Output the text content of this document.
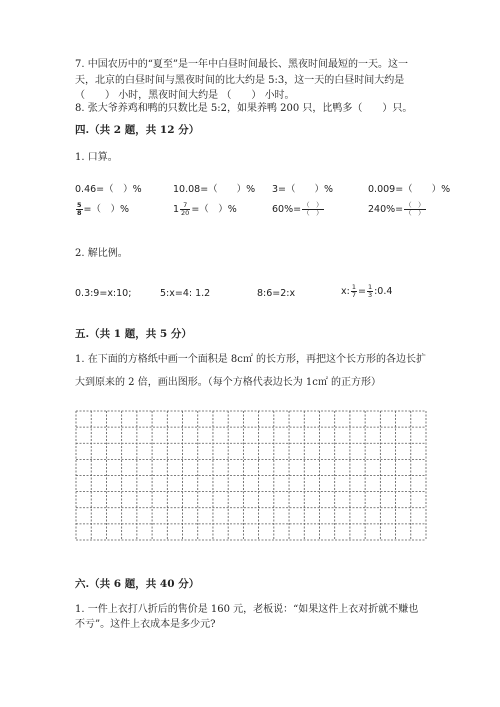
7. 中国农历中的“夏至”是一年中白昼时间最长、黑夜时间最短的一天。这一
天，北京的白昼时间与黑夜时间的比大约是 5:3，这一天的白昼时间大约是
（　　） 小时，黑夜时间大约是 （　　） 小时。
8. 张大爷养鸡和鸭的只数比是 5:2，如果养鸭 200 只，比鸭多（　　）只。
四.（共 2 题，共 12 分）
1. 口算。
0.46=（　）%	10.08=（　　）% 3=（　　）%	0.009=（　　）%
$\frac{5}{8}$ =（　）%	$1 \frac{7}{20}$ =（　）%	$60\%= \frac{( )}{( )}$	$240\%= \frac{( )}{( )}$
2. 解比例。
0.3:9=x:10;	5:x=4: 1.2	8:6=2:x	x: $\frac{1}{7} = \frac{1}{3}$ :0.4
五.（共 1 题，共 5 分）
1. 在下面的方格纸中画一个面积是 8c㎡ 的长方形，再把这个长方形的各边长扩
大到原来的 2 倍，画出图形。（每个方格代表边长为 1c㎡ 的正方形）
六.（共 6 题，共 40 分）
1. 一件上衣打八折后的售价是 160 元，老板说：“如果这件上衣对折就不赚也
不亏”。这件上衣成本是多少元?
